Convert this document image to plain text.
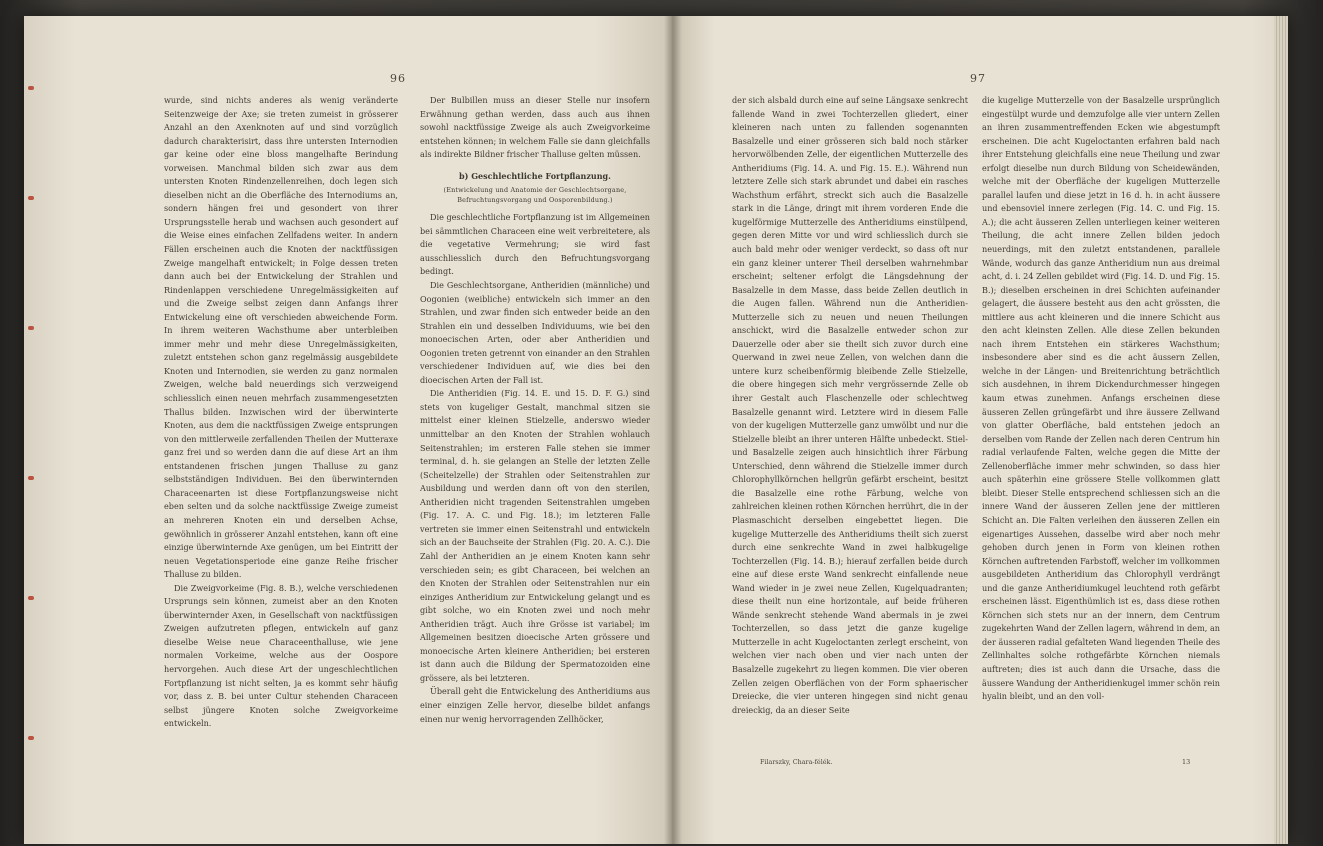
96

wurde, sind nichts anderes als wenig veränderte Seitenzweige der Axe; sie treten zumeist in grösserer Anzahl an den Axenknoten auf und sind vorzüglich dadurch charakterisirt, dass ihre untersten Internodien gar keine oder eine bloss mangelhafte Berindung vorweisen. Manchmal bilden sich zwar aus dem untersten Knoten Rindenzellenreihen, doch legen sich dieselben nicht an die Oberfläche des Internodiums an, sondern hängen frei und gesondert von ihrer Ursprungsstelle herab und wachsen auch gesondert auf die Weise eines einfachen Zellfadens weiter. In andern Fällen erscheinen auch die Knoten der nacktfüssigen Zweige mangelhaft entwickelt; in Folge dessen treten dann auch bei der Entwickelung der Strahlen und Rindenlappen verschiedene Unregelmässigkeiten auf und die Zweige selbst zeigen dann Anfangs ihrer Entwickelung eine oft verschieden abweichende Form. In ihrem weiteren Wachsthume aber unterbleiben immer mehr und mehr diese Unregelmässigkeiten, zuletzt entstehen schon ganz regelmässig ausgebildete Knoten und Internodien, sie werden zu ganz normalen Zweigen, welche bald neuerdings sich verzweigend schliesslich einen neuen mehrfach zusammengesetzten Thallus bilden. Inzwischen wird der überwinterte Knoten, aus dem die nacktfüssigen Zweige entsprungen von den mittlerweile zerfallenden Theilen der Mutteraxe ganz frei und so werden dann die auf diese Art an ihm entstandenen frischen jungen Thalluse zu ganz selbstständigen Individuen. Bei den überwinternden Characeenarten ist diese Fortpflanzungsweise nicht eben selten und da solche nacktfüssige Zweige zumeist an mehreren Knoten ein und derselben Achse, gewöhnlich in grösserer Anzahl entstehen, kann oft eine einzige überwinternde Axe genügen, um bei Eintritt der neuen Vegetationsperiode eine ganze Reihe frischer Thalluse zu bilden.

Die Zweigvorkeime (Fig. 8. B.), welche verschiedenen Ursprungs sein können, zumeist aber an den Knoten überwinternder Axen, in Gesellschaft von nacktfüssigen Zweigen aufzutreten pflegen, entwickeln auf ganz dieselbe Weise neue Characeenthalluse, wie jene normalen Vorkeime, welche aus der Oospore hervorgehen. Auch diese Art der ungeschlechtlichen Fortpflanzung ist nicht selten, ja es kommt sehr häufig vor, dass z. B. bei unter Cultur stehenden Characeen selbst jüngere Knoten solche Zweigvorkeime entwickeln.

Der Bulbillen muss an dieser Stelle nur insofern Erwähnung gethan werden, dass auch aus ihnen sowohl nacktfüssige Zweige als auch Zweigvorkeime entstehen können; in welchem Falle sie dann gleichfalls als indirekte Bildner frischer Thalluse gelten müssen.

b) Geschlechtliche Fortpflanzung.

(Entwickelung und Anatomie der Geschlechtsorgane, Befruchtungsvorgang und Oosporenbildung.)

Die geschlechtliche Fortpflanzung ist im Allgemeinen bei sämmtlichen Characeen eine weit verbreitetere, als die vegetative Vermehrung; sie wird fast ausschliesslich durch den Befruchtungsvorgang bedingt.

Die Geschlechtsorgane, Antheridien (männliche) und Oogonien (weibliche) entwickeln sich immer an den Strahlen, und zwar finden sich entweder beide an den Strahlen ein und desselben Individuums, wie bei den monoecischen Arten, oder aber Antheridien und Oogonien treten getrennt von einander an den Strahlen verschiedener Individuen auf, wie dies bei den dioecischen Arten der Fall ist.

Die Antheridien (Fig. 14. E. und 15. D. F. G.) sind stets von kugeliger Gestalt, manchmal sitzen sie mittelst einer kleinen Stielzelle, anderswo wieder unmittelbar an den Knoten der Strahlen wohlauch Seitenstrahlen; im ersteren Falle stehen sie immer terminal, d. h. sie gelangen an Stelle der letzten Zelle (Scheitelzelle) der Strahlen oder Seitenstrahlen zur Ausbildung und werden dann oft von den sterilen, Antheridien nicht tragenden Seitenstrahlen umgeben (Fig. 17. A. C. und Fig. 18.); im letzteren Falle vertreten sie immer einen Seitenstrahl und entwickeln sich an der Bauchseite der Strahlen (Fig. 20. A. C.). Die Zahl der Antheridien an je einem Knoten kann sehr verschieden sein; es gibt Characeen, bei welchen an den Knoten der Strahlen oder Seitenstrahlen nur ein einziges Antheridium zur Entwickelung gelangt und es gibt solche, wo ein Knoten zwei und noch mehr Antheridien trägt. Auch ihre Grösse ist variabel; im Allgemeinen besitzen dioecische Arten grössere und monoecische Arten kleinere Antheridien; bei ersteren ist dann auch die Bildung der Spermatozoiden eine grössere, als bei letzteren.

Überall geht die Entwickelung des Antheridiums aus einer einzigen Zelle hervor, dieselbe bildet anfangs einen nur wenig hervorragenden Zellhöcker,

97

der sich alsbald durch eine auf seine Längsaxe senkrecht fallende Wand in zwei Tochterzellen gliedert, einer kleineren nach unten zu fallenden sogenannten Basalzelle und einer grösseren sich bald noch stärker hervorwölbenden Zelle, der eigentlichen Mutterzelle des Antheridiums (Fig. 14. A. und Fig. 15. E.). Während nun letztere Zelle sich stark abrundet und dabei ein rasches Wachsthum erfährt, streckt sich auch die Basalzelle stark in die Länge, dringt mit ihrem vorderen Ende die kugelförmige Mutterzelle des Antheridiums einstülpend, gegen deren Mitte vor und wird schliesslich durch sie auch bald mehr oder weniger verdeckt, so dass oft nur ein ganz kleiner unterer Theil derselben wahrnehmbar erscheint; seltener erfolgt die Längsdehnung der Basalzelle in dem Masse, dass beide Zellen deutlich in die Augen fallen. Während nun die Antheridien-Mutterzelle sich zu neuen und neuen Theilungen anschickt, wird die Basalzelle entweder schon zur Dauerzelle oder aber sie theilt sich zuvor durch eine Querwand in zwei neue Zellen, von welchen dann die untere kurz scheibenförmig bleibende Zelle Stielzelle, die obere hingegen sich mehr vergrössernde Zelle ob ihrer Gestalt auch Flaschenzelle oder schlechtweg Basalzelle genannt wird. Letztere wird in diesem Falle von der kugeligen Mutterzelle ganz umwölbt und nur die Stielzelle bleibt an ihrer unteren Hälfte unbedeckt. Stiel- und Basalzelle zeigen auch hinsichtlich ihrer Färbung Unterschied, denn während die Stielzelle immer durch Chlorophyllkörnchen hellgrün gefärbt erscheint, besitzt die Basalzelle eine rothe Färbung, welche von zahlreichen kleinen rothen Körnchen herrührt, die in der Plasmaschicht derselben eingebettet liegen. Die kugelige Mutterzelle des Antheridiums theilt sich zuerst durch eine senkrechte Wand in zwei halbkugelige Tochterzellen (Fig. 14. B.); hierauf zerfallen beide durch eine auf diese erste Wand senkrecht einfallende neue Wand wieder in je zwei neue Zellen, Kugelquadranten; diese theilt nun eine horizontale, auf beide früheren Wände senkrecht stehende Wand abermals in je zwei Tochterzellen, so dass jetzt die ganze kugelige Mutterzelle in acht Kugeloctanten zerlegt erscheint, von welchen vier nach oben und vier nach unten der Basalzelle zugekehrt zu liegen kommen. Die vier oberen Zellen zeigen Oberflächen von der Form sphaerischer Dreiecke, die vier unteren hingegen sind nicht genau dreieckig, da an dieser Seite

die kugelige Mutterzelle von der Basalzelle ursprünglich eingestülpt wurde und demzufolge alle vier untern Zellen an ihren zusammentreffenden Ecken wie abgestumpft erscheinen. Die acht Kugeloctanten erfahren bald nach ihrer Entstehung gleichfalls eine neue Theilung und zwar erfolgt dieselbe nun durch Bildung von Scheidewänden, welche mit der Oberfläche der kugeligen Mutterzelle parallel laufen und diese jetzt in 16 d. h. in acht äussere und ebensoviel innere zerlegen (Fig. 14. C. und Fig. 15. A.); die acht äusseren Zellen unterliegen keiner weiteren Theilung, die acht innere Zellen bilden jedoch neuerdings, mit den zuletzt entstandenen, parallele Wände, wodurch das ganze Antheridium nun aus dreimal acht, d. i. 24 Zellen gebildet wird (Fig. 14. D. und Fig. 15. B.); dieselben erscheinen in drei Schichten aufeinander gelagert, die äussere besteht aus den acht grössten, die mittlere aus acht kleineren und die innere Schicht aus den acht kleinsten Zellen. Alle diese Zellen bekunden nach ihrem Entstehen ein stärkeres Wachsthum; insbesondere aber sind es die acht äussern Zellen, welche in der Längen- und Breitenrichtung beträchtlich sich ausdehnen, in ihrem Dickendurchmesser hingegen kaum etwas zunehmen. Anfangs erscheinen diese äusseren Zellen grüngefärbt und ihre äussere Zellwand von glatter Oberfläche, bald entstehen jedoch an derselben vom Rande der Zellen nach deren Centrum hin radial verlaufende Falten, welche gegen die Mitte der Zellenoberfläche immer mehr schwinden, so dass hier auch späterhin eine grössere Stelle vollkommen glatt bleibt. Dieser Stelle entsprechend schliessen sich an die innere Wand der äusseren Zellen jene der mittleren Schicht an. Die Falten verleihen den äusseren Zellen ein eigenartiges Aussehen, dasselbe wird aber noch mehr gehoben durch jenen in Form von kleinen rothen Körnchen auftretenden Farbstoff, welcher im vollkommen ausgebildeten Antheridium das Chlorophyll verdrängt und die ganze Antheridiumkugel leuchtend roth gefärbt erscheinen lässt. Eigenthümlich ist es, dass diese rothen Körnchen sich stets nur an der innern, dem Centrum zugekehrten Wand der Zellen lagern, während in dem, an der äusseren radial gefalteten Wand liegenden Theile des Zellinhaltes solche rothgefärbte Körnchen niemals auftreten; dies ist auch dann die Ursache, dass die äussere Wandung der Antheridienkugel immer schön rein hyalin bleibt, und an den voll-

Filarszky, Chara-félék.	13
